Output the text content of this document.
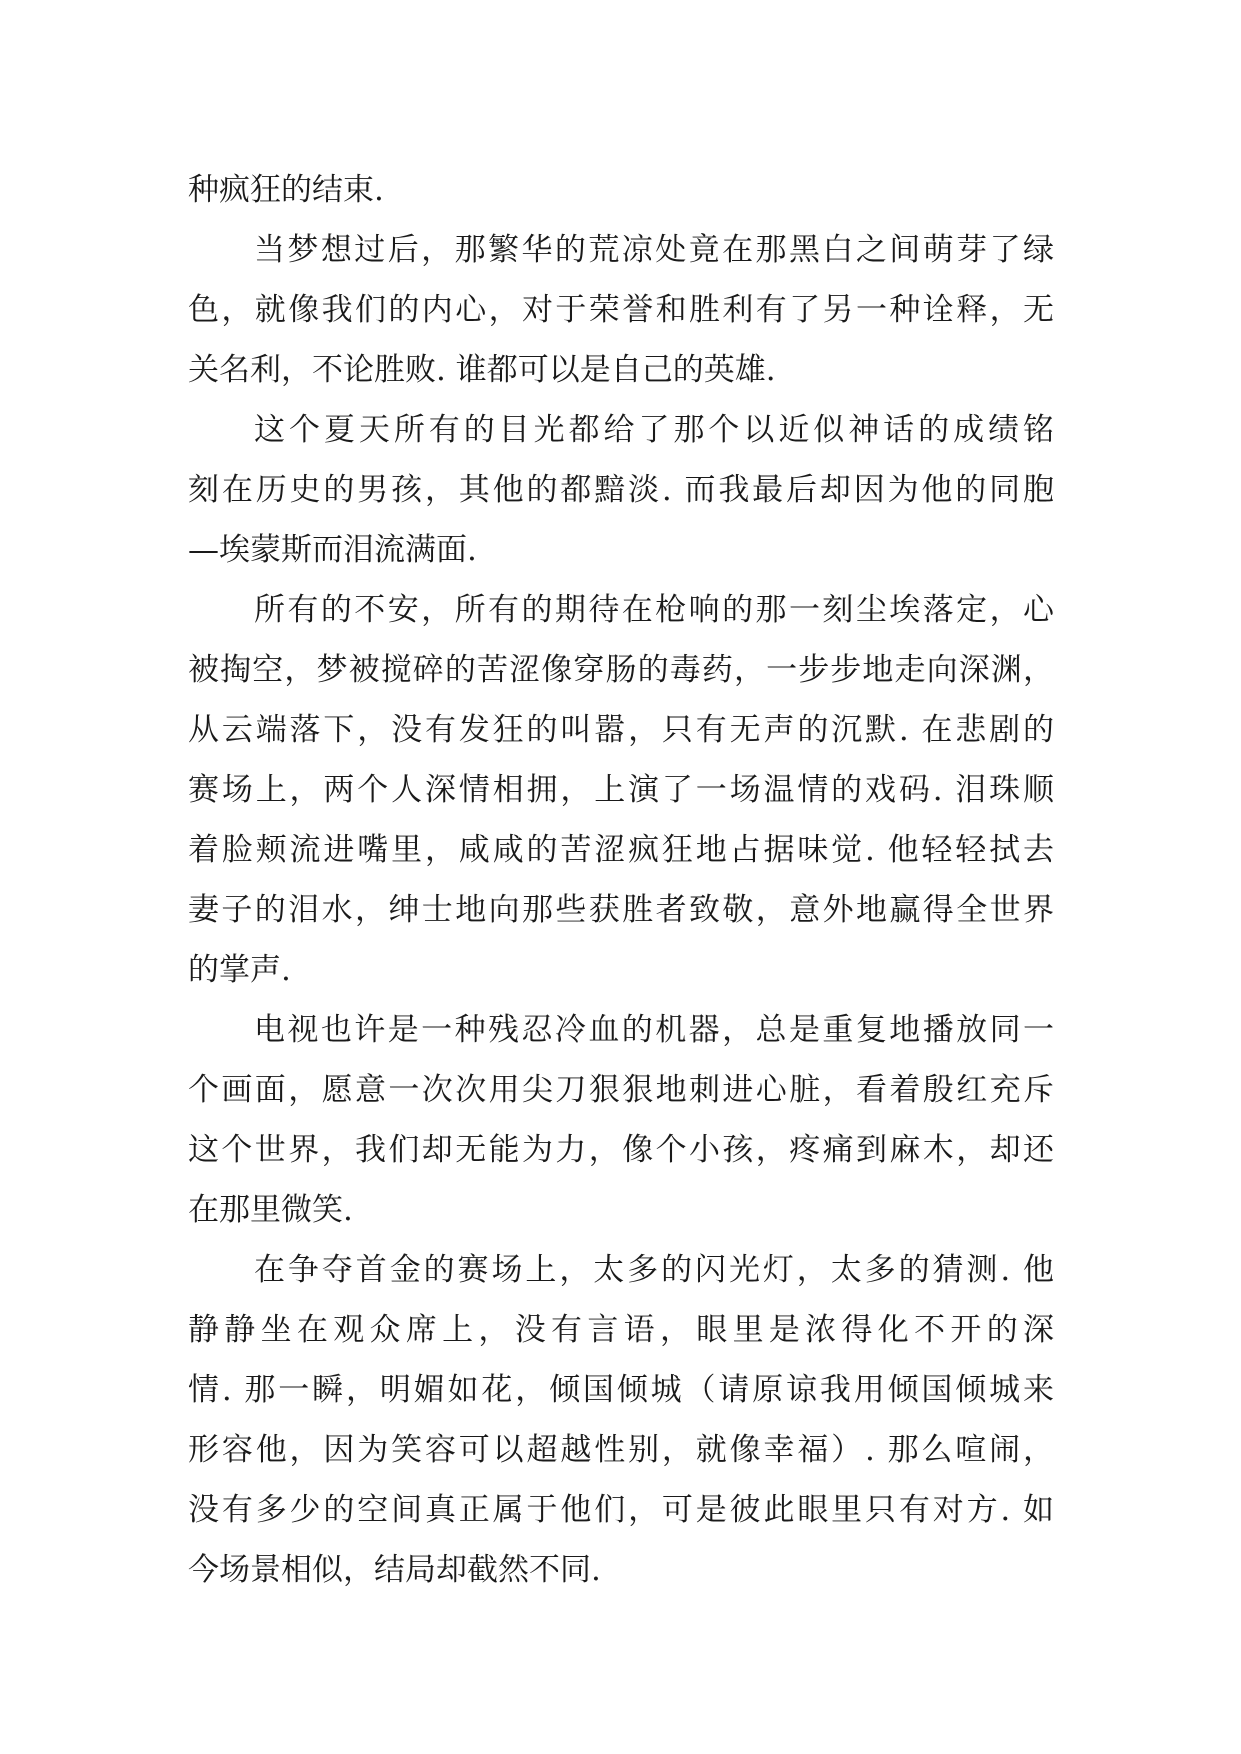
种疯狂的结束.
当梦想过后，那繁华的荒凉处竟在那黑白之间萌芽了绿
色，就像我们的内心，对于荣誉和胜利有了另一种诠释，无
关名利，不论胜败. 谁都可以是自己的英雄.
这个夏天所有的目光都给了那个以近似神话的成绩铭
刻在历史的男孩，其他的都黯淡. 而我最后却因为他的同胞
—埃蒙斯而泪流满面.
所有的不安，所有的期待在枪响的那一刻尘埃落定，心
被掏空，梦被搅碎的苦涩像穿肠的毒药，一步步地走向深渊，
从云端落下，没有发狂的叫嚣，只有无声的沉默. 在悲剧的
赛场上，两个人深情相拥，上演了一场温情的戏码. 泪珠顺
着脸颊流进嘴里，咸咸的苦涩疯狂地占据味觉. 他轻轻拭去
妻子的泪水，绅士地向那些获胜者致敬，意外地赢得全世界
的掌声.
电视也许是一种残忍冷血的机器，总是重复地播放同一
个画面，愿意一次次用尖刀狠狠地刺进心脏，看着殷红充斥
这个世界，我们却无能为力，像个小孩，疼痛到麻木，却还
在那里微笑.
在争夺首金的赛场上，太多的闪光灯，太多的猜测. 他
静静坐在观众席上，没有言语，眼里是浓得化不开的深
情. 那一瞬，明媚如花，倾国倾城（请原谅我用倾国倾城来
形容他，因为笑容可以超越性别，就像幸福）. 那么喧闹，
没有多少的空间真正属于他们，可是彼此眼里只有对方. 如
今场景相似，结局却截然不同.
